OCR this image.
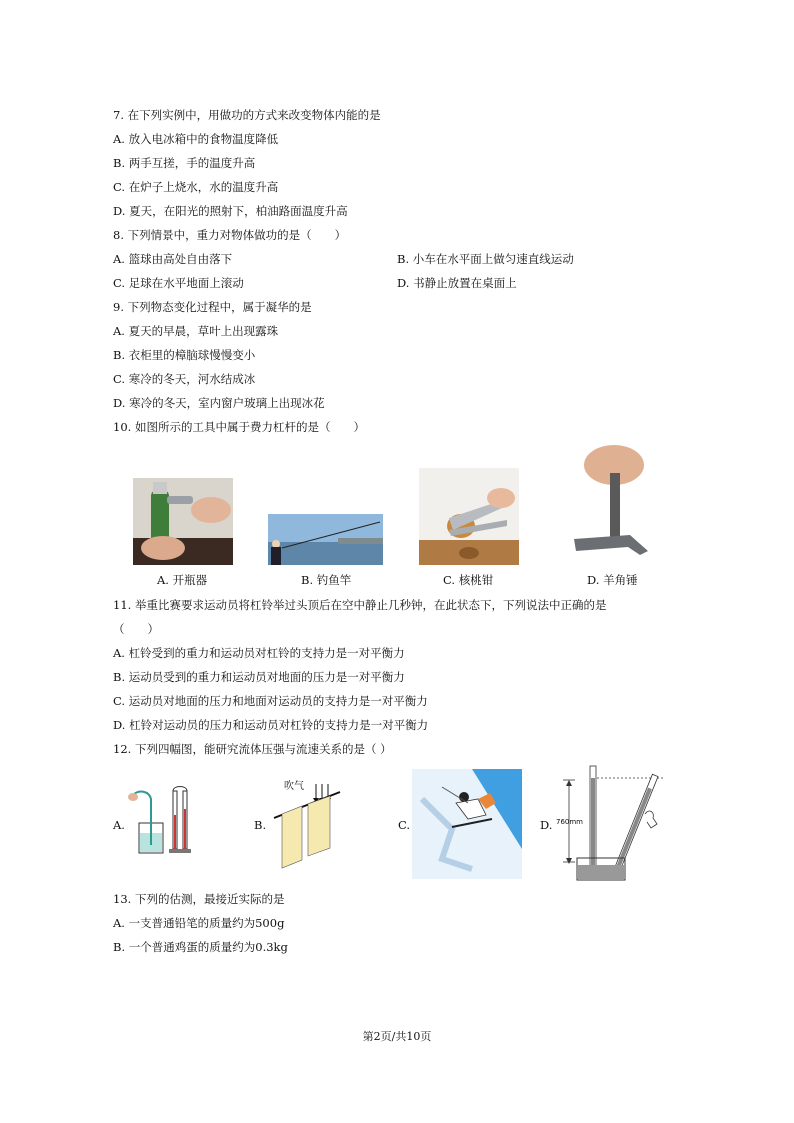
7. 在下列实例中，用做功的方式来改变物体内能的是
A. 放入电冰箱中的食物温度降低
B. 两手互搓，手的温度升高
C. 在炉子上烧水，水的温度升高
D. 夏天，在阳光的照射下，柏油路面温度升高
8. 下列情景中，重力对物体做功的是（　　）
A. 篮球由高处自由落下	B. 小车在水平面上做匀速直线运动
C. 足球在水平地面上滚动	D. 书静止放置在桌面上
9. 下列物态变化过程中，属于凝华的是
A. 夏天的早晨，草叶上出现露珠
B. 衣柜里的樟脑球慢慢变小
C. 寒冷的冬天，河水结成冰
D. 寒冷的冬天，室内窗户玻璃上出现冰花
10. 如图所示的工具中属于费力杠杆的是（　　）
A. 开瓶器	B. 钓鱼竿	C. 核桃钳	D. 羊角锤
11. 举重比赛要求运动员将杠铃举过头顶后在空中静止几秒钟，在此状态下，下列说法中正确的是
（　　）
A. 杠铃受到的重力和运动员对杠铃的支持力是一对平衡力
B. 运动员受到的重力和运动员对地面的压力是一对平衡力
C. 运动员对地面的压力和地面对运动员的支持力是一对平衡力
D. 杠铃对运动员的压力和运动员对杠铃的支持力是一对平衡力
12. 下列四幅图，能研究流体压强与流速关系的是（ ）
A.	B.
吹气
C.	D. 760mm
13. 下列的估测，最接近实际的是
A. 一支普通铅笔的质量约为500g
B. 一个普通鸡蛋的质量约为0.3kg
第2页/共10页
